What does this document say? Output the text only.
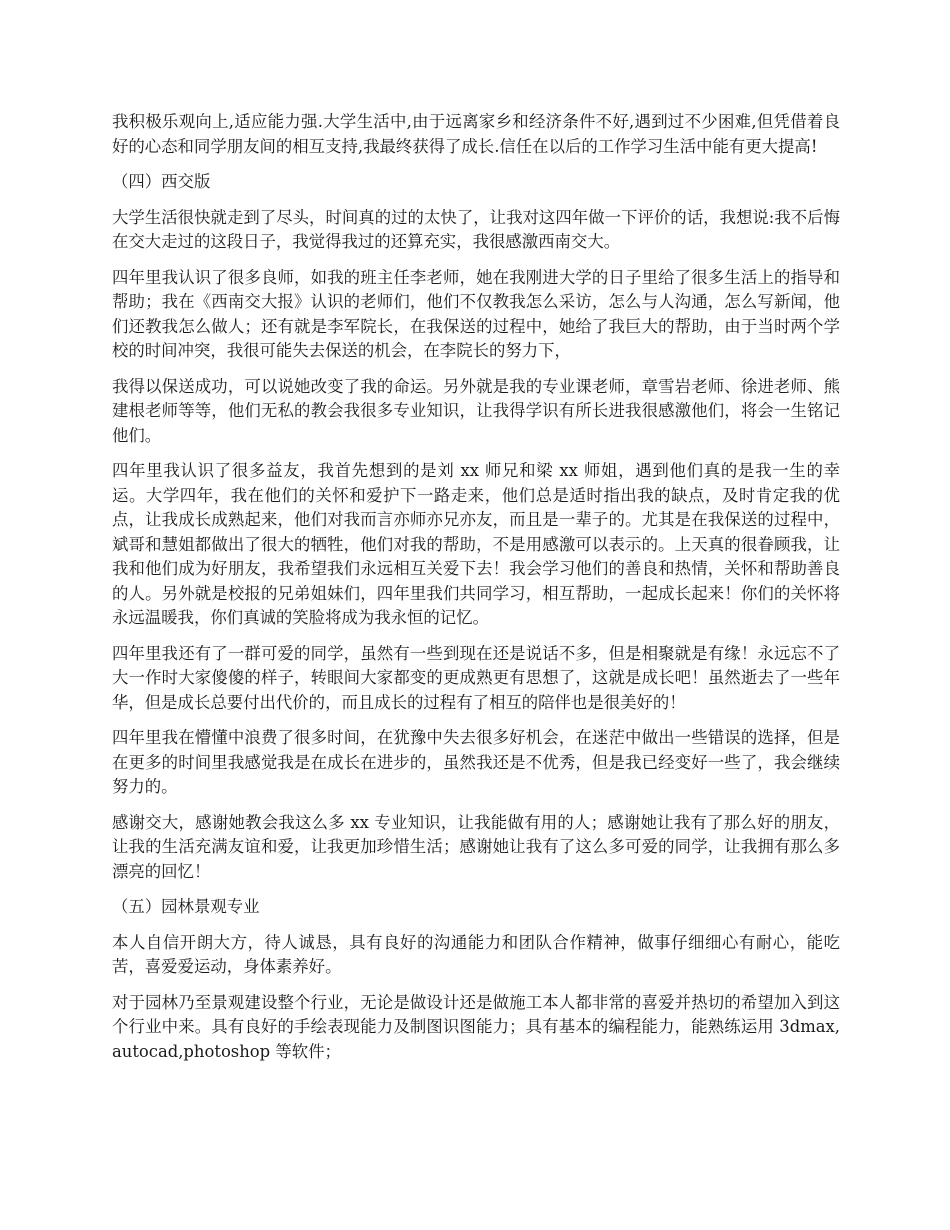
我积极乐观向上,适应能力强.大学生活中,由于远离家乡和经济条件不好,遇到过不少困难,但凭借着良好的心态和同学朋友间的相互支持,我最终获得了成长.信任在以后的工作学习生活中能有更大提高!

（四）西交版

大学生活很快就走到了尽头，时间真的过的太快了，让我对这四年做一下评价的话，我想说:我不后悔在交大走过的这段日子，我觉得我过的还算充实，我很感激西南交大。

四年里我认识了很多良师，如我的班主任李老师，她在我刚进大学的日子里给了很多生活上的指导和帮助；我在《西南交大报》认识的老师们，他们不仅教我怎么采访，怎么与人沟通，怎么写新闻，他们还教我怎么做人；还有就是李军院长，在我保送的过程中，她给了我巨大的帮助，由于当时两个学校的时间冲突，我很可能失去保送的机会，在李院长的努力下，

我得以保送成功，可以说她改变了我的命运。另外就是我的专业课老师，章雪岩老师、徐进老师、熊建根老师等等，他们无私的教会我很多专业知识，让我得学识有所长进我很感激他们，将会一生铭记他们。

四年里我认识了很多益友，我首先想到的是刘 xx 师兄和梁 xx 师姐，遇到他们真的是我一生的幸运。大学四年，我在他们的关怀和爱护下一路走来，他们总是适时指出我的缺点，及时肯定我的优点，让我成长成熟起来，他们对我而言亦师亦兄亦友，而且是一辈子的。尤其是在我保送的过程中，斌哥和慧姐都做出了很大的牺牲，他们对我的帮助，不是用感激可以表示的。上天真的很眷顾我，让我和他们成为好朋友，我希望我们永远相互关爱下去！我会学习他们的善良和热情，关怀和帮助善良的人。另外就是校报的兄弟姐妹们，四年里我们共同学习，相互帮助，一起成长起来！你们的关怀将永远温暖我，你们真诚的笑脸将成为我永恒的记忆。

四年里我还有了一群可爱的同学，虽然有一些到现在还是说话不多，但是相聚就是有缘！永远忘不了大一作时大家傻傻的样子，转眼间大家都变的更成熟更有思想了，这就是成长吧！虽然逝去了一些年华，但是成长总要付出代价的，而且成长的过程有了相互的陪伴也是很美好的！

四年里我在懵懂中浪费了很多时间，在犹豫中失去很多好机会，在迷茫中做出一些错误的选择，但是在更多的时间里我感觉我是在成长在进步的，虽然我还是不优秀，但是我已经变好一些了，我会继续努力的。

感谢交大，感谢她教会我这么多 xx 专业知识，让我能做有用的人；感谢她让我有了那么好的朋友，让我的生活充满友谊和爱，让我更加珍惜生活；感谢她让我有了这么多可爱的同学，让我拥有那么多漂亮的回忆！

（五）园林景观专业

本人自信开朗大方，待人诚恳，具有良好的沟通能力和团队合作精神，做事仔细细心有耐心，能吃苦，喜爱爱运动，身体素养好。

对于园林乃至景观建设整个行业，无论是做设计还是做施工本人都非常的喜爱并热切的希望加入到这个行业中来。具有良好的手绘表现能力及制图识图能力；具有基本的编程能力，能熟练运用 3dmax,autocad,photoshop 等软件；
